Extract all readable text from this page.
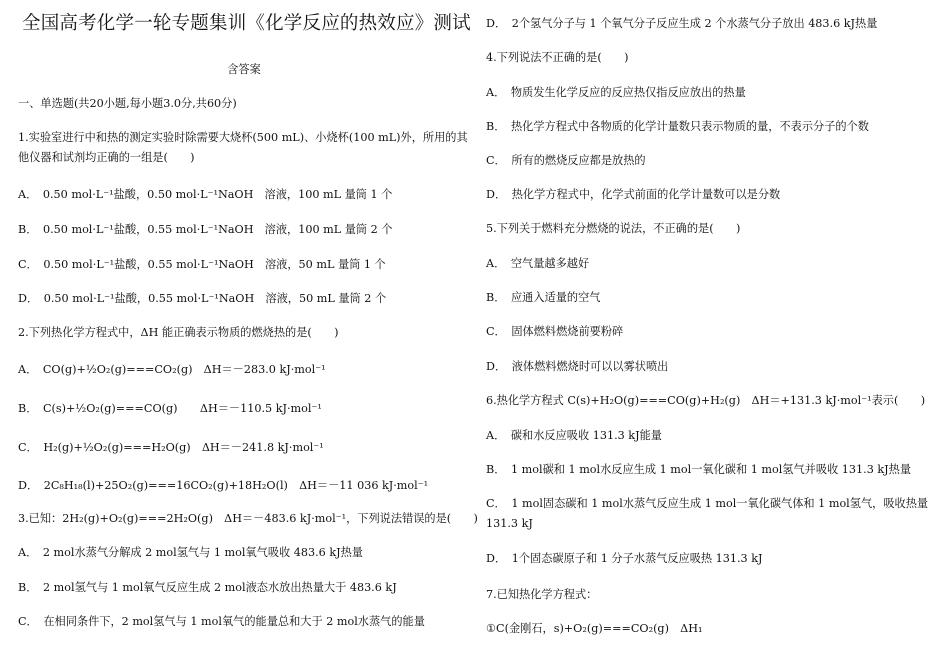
全国高考化学一轮专题集训《化学反应的热效应》测试
含答案
一、单选题(共20小题,每小题3.0分,共60分)
1.实验室进行中和热的测定实验时除需要大烧杯(500 mL)、小烧杯(100 mL)外，所用的其他仪器和试剂均正确的一组是(　　)
A．　0.50 mol·L⁻¹盐酸，0.50 mol·L⁻¹NaOH　溶液，100 mL 量筒 1 个
B．　0.50 mol·L⁻¹盐酸，0.55 mol·L⁻¹NaOH　溶液，100 mL 量筒 2 个
C．　0.50 mol·L⁻¹盐酸，0.55 mol·L⁻¹NaOH　溶液，50 mL 量筒 1 个
D．　0.50 mol·L⁻¹盐酸，0.55 mol·L⁻¹NaOH　溶液，50 mL 量筒 2 个
2.下列热化学方程式中，ΔH 能正确表示物质的燃烧热的是(　　)
A．　CO(g)+½O₂(g)===CO₂(g)　ΔH＝－283.0 kJ·mol⁻¹
B．　C(s)+½O₂(g)===CO(g)　　ΔH＝－110.5 kJ·mol⁻¹
C．　H₂(g)+½O₂(g)===H₂O(g)　ΔH＝－241.8 kJ·mol⁻¹
D．　2C₈H₁₈(l)+25O₂(g)===16CO₂(g)+18H₂O(l)　ΔH＝－11 036 kJ·mol⁻¹
3.已知：2H₂(g)+O₂(g)===2H₂O(g)　ΔH＝－483.6 kJ·mol⁻¹，下列说法错误的是(　　)
A．　2 mol水蒸气分解成 2 mol氢气与 1 mol氧气吸收 483.6 kJ热量
B．　2 mol氢气与 1 mol氧气反应生成 2 mol液态水放出热量大于 483.6 kJ
C．　在相同条件下，2 mol氢气与 1 mol氧气的能量总和大于 2 mol水蒸气的能量
D．　2个氢气分子与 1 个氧气分子反应生成 2 个水蒸气分子放出 483.6 kJ热量
4.下列说法不正确的是(　　)
A．　物质发生化学反应的反应热仅指反应放出的热量
B．　热化学方程式中各物质的化学计量数只表示物质的量，不表示分子的个数
C．　所有的燃烧反应都是放热的
D．　热化学方程式中，化学式前面的化学计量数可以是分数
5.下列关于燃料充分燃烧的说法，不正确的是(　　)
A．　空气量越多越好
B．　应通入适量的空气
C．　固体燃料燃烧前要粉碎
D．　液体燃料燃烧时可以以雾状喷出
6.热化学方程式 C(s)+H₂O(g)===CO(g)+H₂(g)　ΔH＝+131.3 kJ·mol⁻¹表示(　　)
A．　碳和水反应吸收 131.3 kJ能量
B．　1 mol碳和 1 mol水反应生成 1 mol一氧化碳和 1 mol氢气并吸收 131.3 kJ热量
C．　1 mol固态碳和 1 mol水蒸气反应生成 1 mol一氧化碳气体和 1 mol氢气，吸收热量 131.3 kJ
D．　1个固态碳原子和 1 分子水蒸气反应吸热 131.3 kJ
7.已知热化学方程式：
①C(金刚石，s)+O₂(g)===CO₂(g)　ΔH₁
